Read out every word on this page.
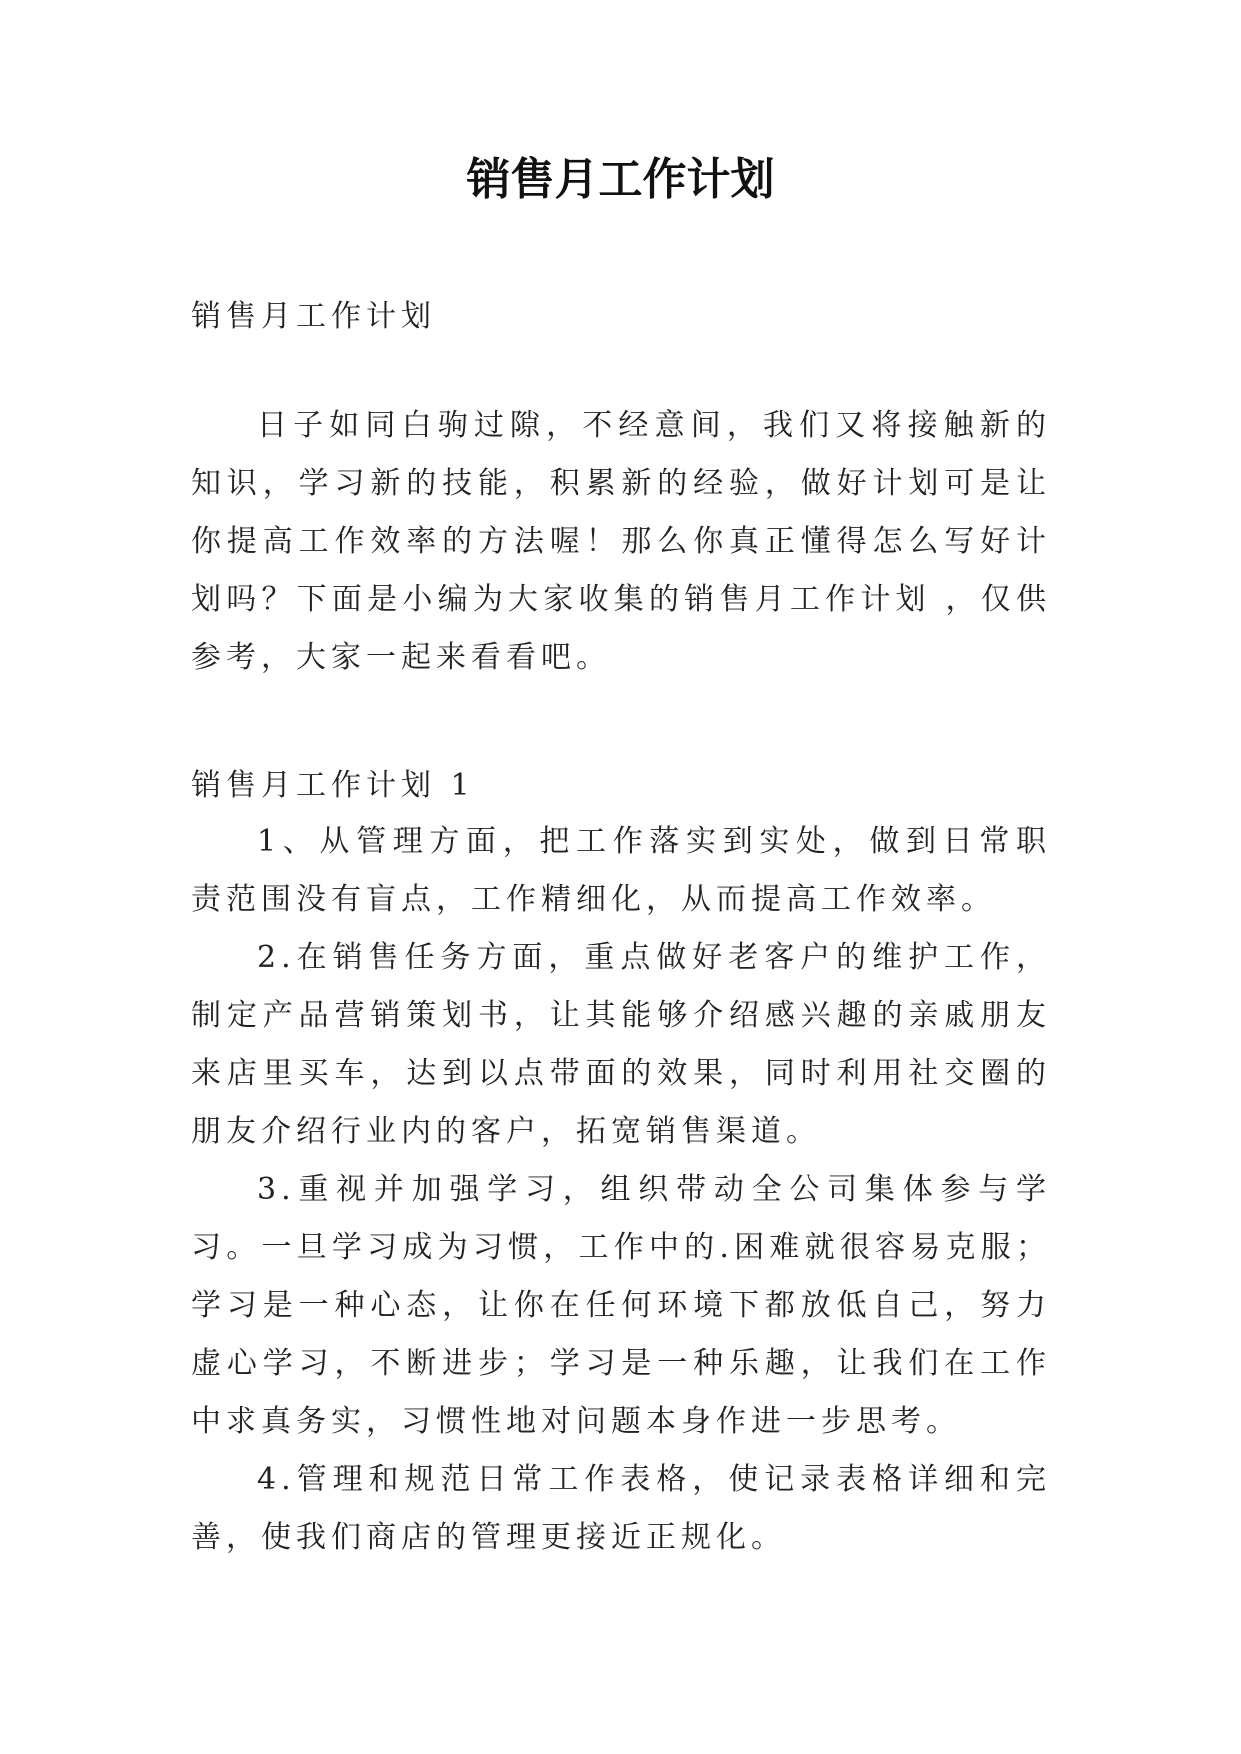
销售月工作计划
销售月工作计划

日子如同白驹过隙，不经意间，我们又将接触新的知识，学习新的技能，积累新的经验，做好计划可是让你提高工作效率的方法喔！那么你真正懂得怎么写好计划吗？下面是小编为大家收集的销售月工作计划 ，仅供参考，大家一起来看看吧。

销售月工作计划 1

1、从管理方面，把工作落实到实处，做到日常职责范围没有盲点，工作精细化，从而提高工作效率。

2.在销售任务方面，重点做好老客户的维护工作，制定产品营销策划书，让其能够介绍感兴趣的亲戚朋友来店里买车，达到以点带面的效果，同时利用社交圈的朋友介绍行业内的客户，拓宽销售渠道。

3.重视并加强学习，组织带动全公司集体参与学习。一旦学习成为习惯，工作中的.困难就很容易克服；学习是一种心态，让你在任何环境下都放低自己，努力虚心学习，不断进步；学习是一种乐趣，让我们在工作中求真务实，习惯性地对问题本身作进一步思考。

4.管理和规范日常工作表格，使记录表格详细和完善，使我们商店的管理更接近正规化。
